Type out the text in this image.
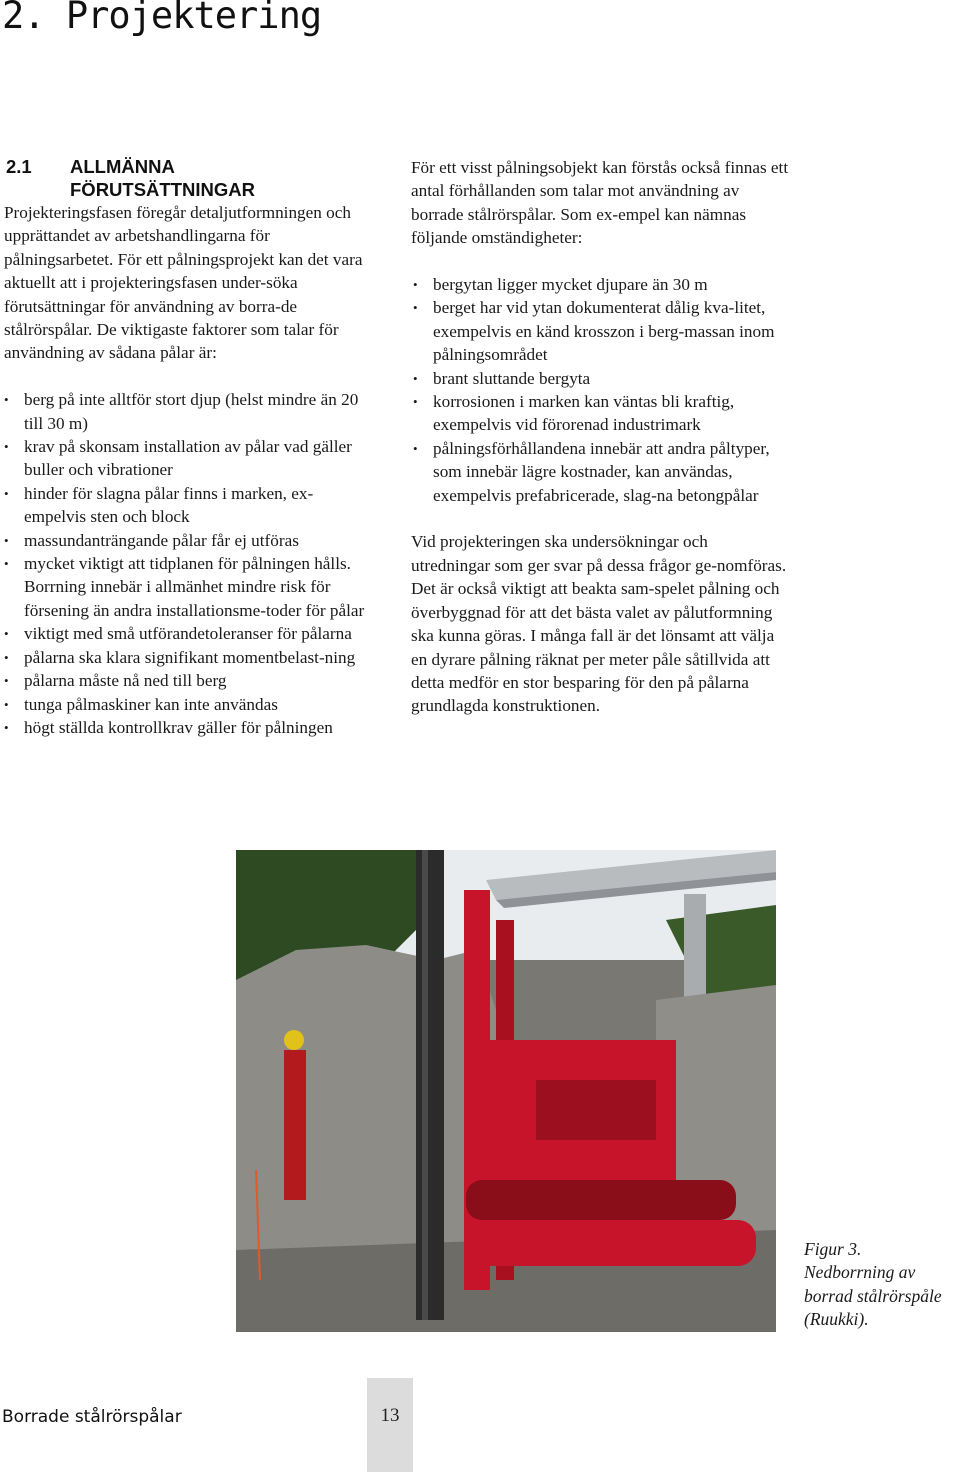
2. Projektering
2.1	ALLMÄNNA
FÖRUTSÄTTNINGAR

Projekteringsfasen föregår detaljutformningen och upprättandet av arbetshandlingarna för pålningsarbetet. För ett pålningsprojekt kan det vara aktuellt att i projekteringsfasen under-söka förutsättningar för användning av borra-de stålrörspålar. De viktigaste faktorer som talar för användning av sådana pålar är:

• berg på inte alltför stort djup (helst mindre än 20 till 30 m)
• krav på skonsam installation av pålar vad gäller buller och vibrationer
• hinder för slagna pålar finns i marken, ex-empelvis sten och block
• massundanträngande pålar får ej utföras
• mycket viktigt att tidplanen för pålningen hålls. Borrning innebär i allmänhet mindre risk för försening än andra installationsme-toder för pålar
• viktigt med små utförandetoleranser för pålarna
• pålarna ska klara signifikant momentbelast-ning
• pålarna måste nå ned till berg
• tunga pålmaskiner kan inte användas
• högt ställda kontrollkrav gäller för pålningen

För ett visst pålningsobjekt kan förstås också finnas ett antal förhållanden som talar mot användning av borrade stålrörspålar. Som ex-empel kan nämnas följande omständigheter:

• bergytan ligger mycket djupare än 30 m
• berget har vid ytan dokumenterat dålig kva-litet, exempelvis en känd krosszon i berg-massan inom pålningsområdet
• brant sluttande bergyta
• korrosionen i marken kan väntas bli kraftig, exempelvis vid förorenad industrimark
• pålningsförhållandena innebär att andra påltyper, som innebär lägre kostnader, kan användas, exempelvis prefabricerade, slag-na betongpålar

Vid projekteringen ska undersökningar och utredningar som ger svar på dessa frågor ge-nomföras. Det är också viktigt att beakta sam-spelet pålning och överbyggnad för att det bästa valet av pålutformning ska kunna göras. I många fall är det lönsamt att välja en dyrare pålning räknat per meter påle såtillvida att detta medför en stor besparing för den på pålarna grundlagda konstruktionen.

Figur 3.
Nedborrning av
borrad stålrörspåle
(Ruukki).
Borrade stålrörspålar	13
